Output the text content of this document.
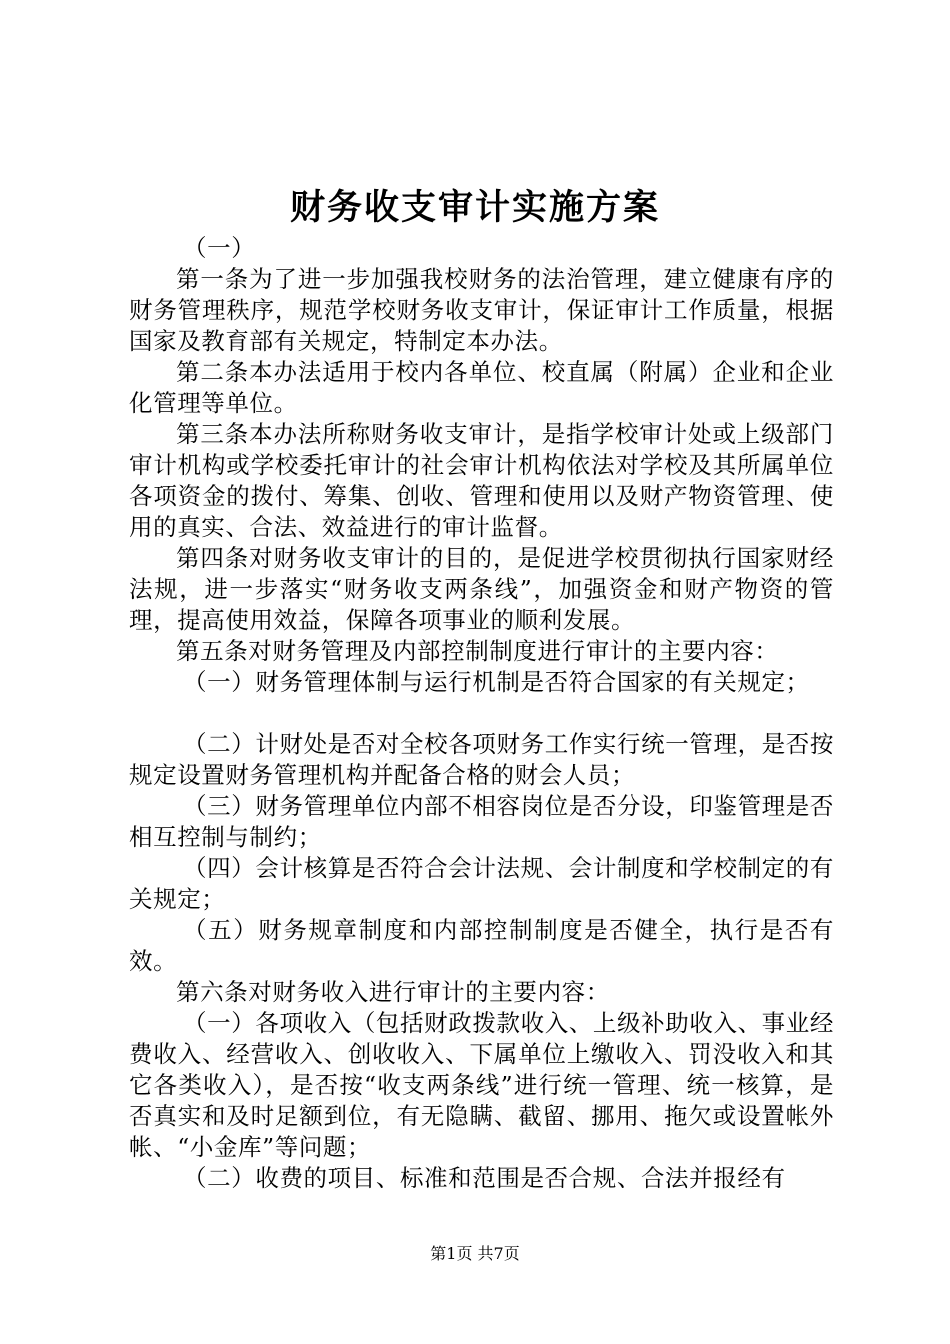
财务收支审计实施方案

（一）

第一条为了进一步加强我校财务的法治管理，建立健康有序的财务管理秩序，规范学校财务收支审计，保证审计工作质量，根据国家及教育部有关规定，特制定本办法。

第二条本办法适用于校内各单位、校直属（附属）企业和企业化管理等单位。

第三条本办法所称财务收支审计，是指学校审计处或上级部门审计机构或学校委托审计的社会审计机构依法对学校及其所属单位各项资金的拨付、筹集、创收、管理和使用以及财产物资管理、使用的真实、合法、效益进行的审计监督。

第四条对财务收支审计的目的，是促进学校贯彻执行国家财经法规，进一步落实“财务收支两条线”，加强资金和财产物资的管理，提高使用效益，保障各项事业的顺利发展。

第五条对财务管理及内部控制制度进行审计的主要内容：

（一）财务管理体制与运行机制是否符合国家的有关规定；

（二）计财处是否对全校各项财务工作实行统一管理，是否按规定设置财务管理机构并配备合格的财会人员；

（三）财务管理单位内部不相容岗位是否分设，印鉴管理是否相互控制与制约；

（四）会计核算是否符合会计法规、会计制度和学校制定的有关规定；

（五）财务规章制度和内部控制制度是否健全，执行是否有效。

第六条对财务收入进行审计的主要内容：

（一）各项收入（包括财政拨款收入、上级补助收入、事业经费收入、经营收入、创收收入、下属单位上缴收入、罚没收入和其它各类收入），是否按“收支两条线”进行统一管理、统一核算，是否真实和及时足额到位，有无隐瞒、截留、挪用、拖欠或设置帐外帐、“小金库”等问题；

（二）收费的项目、标准和范围是否合规、合法并报经有

第1页 共7页
